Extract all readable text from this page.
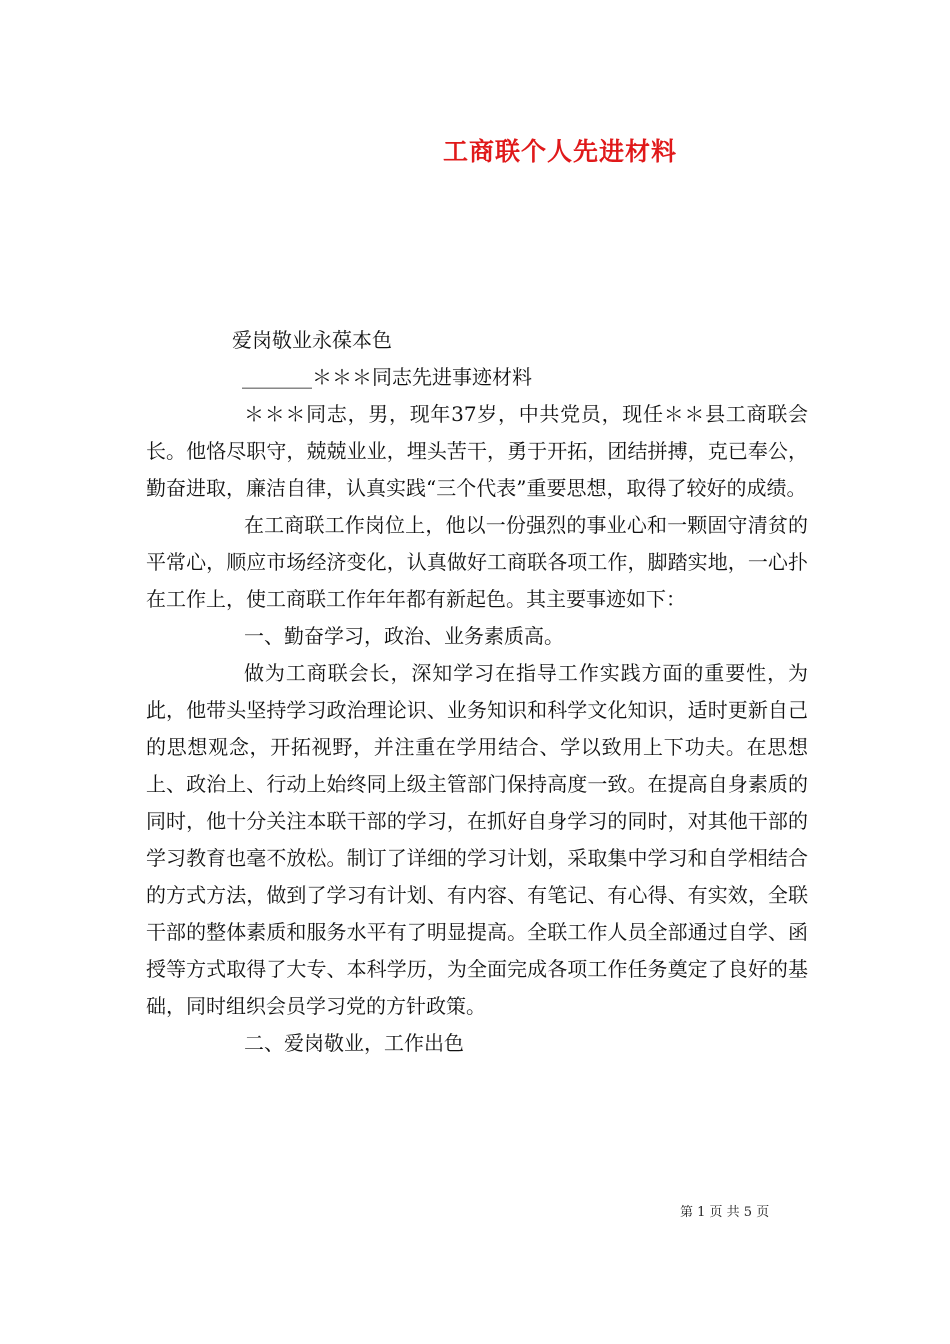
工商联个人先进材料

爱岗敬业永葆本色

_______＊＊＊同志先进事迹材料

＊＊＊同志，男，现年37岁，中共党员，现任＊＊县工商联会长。他恪尽职守，兢兢业业，埋头苦干，勇于开拓，团结拼搏，克已奉公，勤奋进取，廉洁自律，认真实践“三个代表”重要思想，取得了较好的成绩。

在工商联工作岗位上，他以一份强烈的事业心和一颗固守清贫的平常心，顺应市场经济变化，认真做好工商联各项工作，脚踏实地，一心扑在工作上，使工商联工作年年都有新起色。其主要事迹如下：

一、勤奋学习，政治、业务素质高。

做为工商联会长，深知学习在指导工作实践方面的重要性，为此，他带头坚持学习政治理论识、业务知识和科学文化知识，适时更新自己的思想观念，开拓视野，并注重在学用结合、学以致用上下功夫。在思想上、政治上、行动上始终同上级主管部门保持高度一致。在提高自身素质的同时，他十分关注本联干部的学习，在抓好自身学习的同时，对其他干部的学习教育也毫不放松。制订了详细的学习计划，采取集中学习和自学相结合的方式方法，做到了学习有计划、有内容、有笔记、有心得、有实效，全联干部的整体素质和服务水平有了明显提高。全联工作人员全部通过自学、函授等方式取得了大专、本科学历，为全面完成各项工作任务奠定了良好的基础，同时组织会员学习党的方针政策。

二、爱岗敬业，工作出色

第 1 页 共 5 页
